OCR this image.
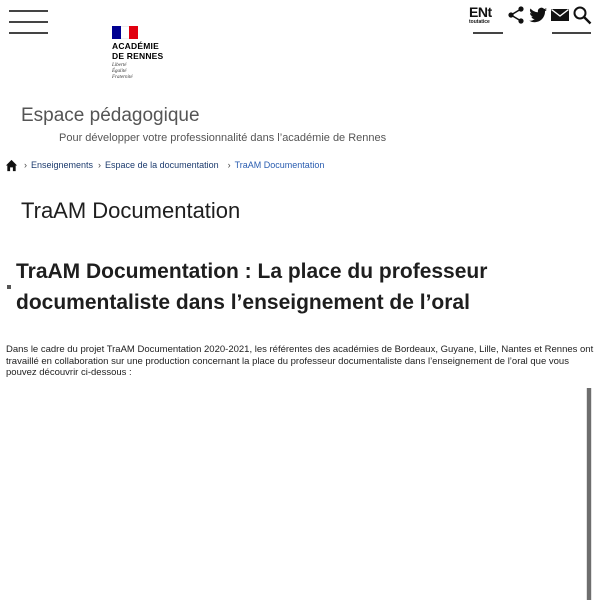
ACADÉMIE
DE RENNES
Liberté
Égalité
Fraternité
ENt
toutatice
Espace pédagogique
Pour développer votre professionnalité dans l’académie de Rennes
› Enseignements › Espace de la documentation › TraAM Documentation
TraAM Documentation
TraAM Documentation : La place du professeur documentaliste dans l’enseignement de l’oral

Dans le cadre du projet TraAM Documentation 2020-2021, les référentes des académies de Bordeaux, Guyane, Lille, Nantes et Rennes ont travaillé en collaboration sur une production concernant la place du professeur documentaliste dans l’enseignement de l’oral que vous pouvez découvrir ci-dessous :
